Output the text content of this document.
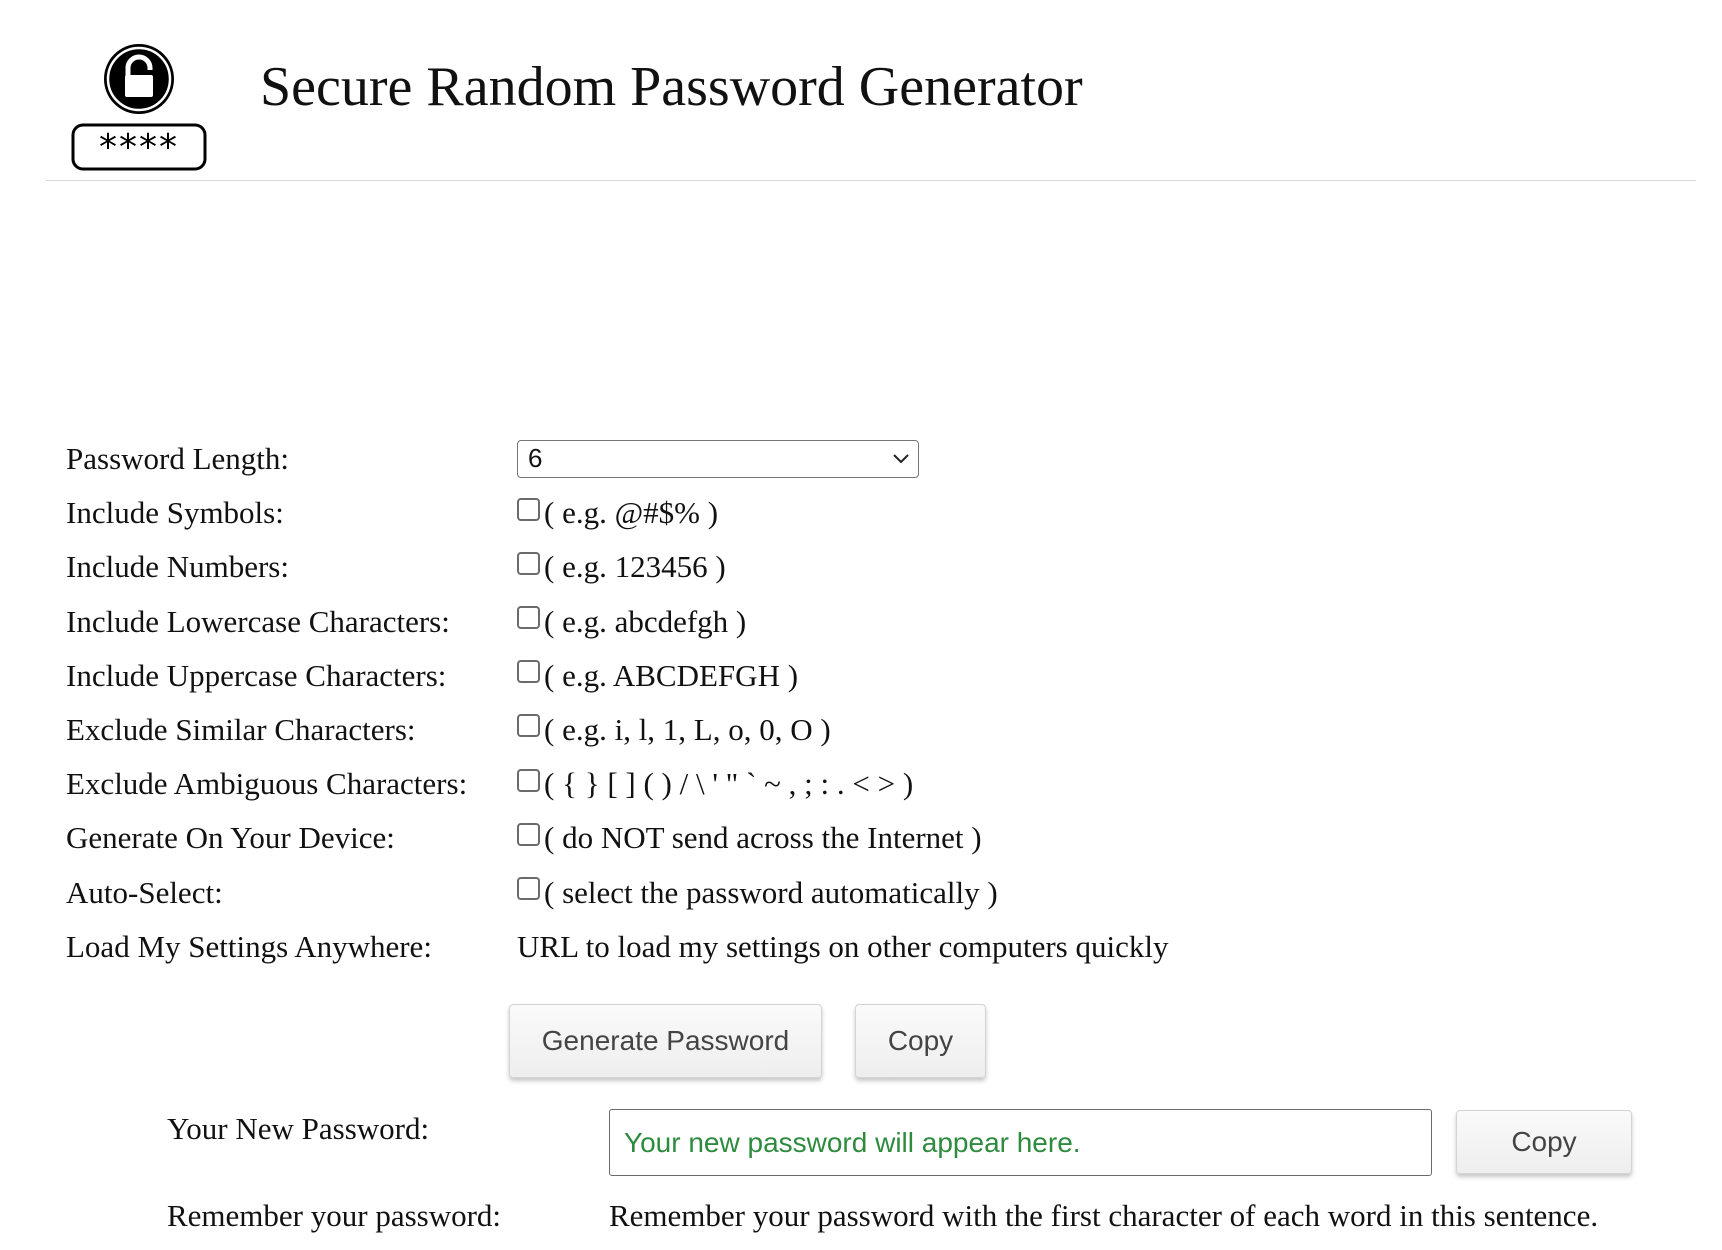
****
Secure Random Password Generator
Password Length:	6
Include Symbols:	( e.g. @#$% )
Include Numbers:	( e.g. 123456 )
Include Lowercase Characters:	( e.g. abcdefgh )
Include Uppercase Characters:	( e.g. ABCDEFGH )
Exclude Similar Characters:	( e.g. i, l, 1, L, o, 0, O )
Exclude Ambiguous Characters: ( { } [ ] ( ) / \ ' " ` ~ , ; : . < > )
Generate On Your Device:	( do NOT send across the Internet )
Auto-Select:	( select the password automatically )
Load My Settings Anywhere:	URL to load my settings on other computers quickly
Generate Password	Copy
Your New Password:	Your new password will appear here.	Copy
Remember your password:	Remember your password with the first character of each word in this sentence.
